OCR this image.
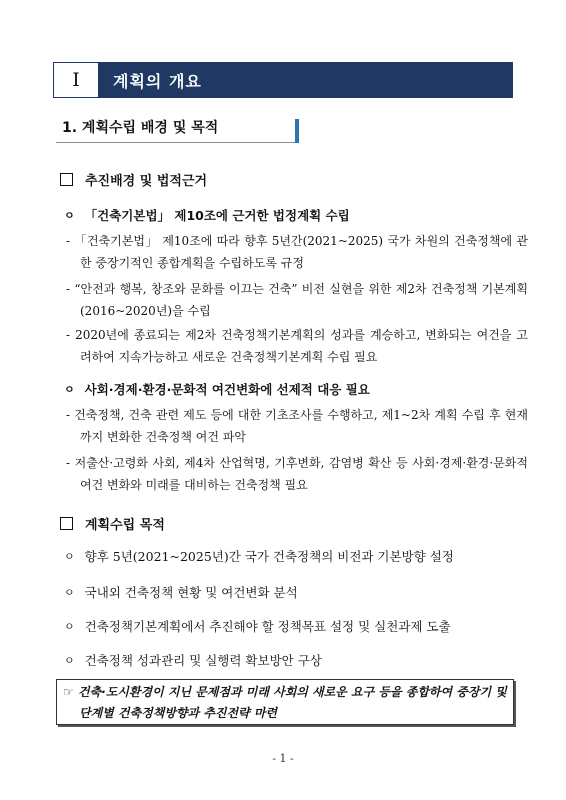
Ⅰ	계획의 개요
1. 계획수립 배경 및 목적
추진배경 및 법적근거
ㅇ 「건축기본법」 제10조에 근거한 법정계획 수립
- 「건축기본법」 제10조에 따라 향후 5년간(2021~2025) 국가 차원의 건축정책에 관한 중장기적인 종합계획을 수립하도록 규정
- “안전과 행복, 창조와 문화를 이끄는 건축” 비전 실현을 위한 제2차 건축정책 기본계획(2016~2020년)을 수립
- 2020년에 종료되는 제2차 건축정책기본계획의 성과를 계승하고, 변화되는 여건을 고려하여 지속가능하고 새로운 건축정책기본계획 수립 필요
ㅇ 사회·경제·환경·문화적 여건변화에 선제적 대응 필요
- 건축정책, 건축 관련 제도 등에 대한 기초조사를 수행하고, 제1~2차 계획 수립 후 현재까지 변화한 건축정책 여건 파악
- 저출산·고령화 사회, 제4차 산업혁명, 기후변화, 감염병 확산 등 사회·경제·환경·문화적 여건 변화와 미래를 대비하는 건축정책 필요
계획수립 목적
ㅇ 향후 5년(2021~2025년)간 국가 건축정책의 비전과 기본방향 설정
ㅇ 국내외 건축정책 현황 및 여건변화 분석
ㅇ 건축정책기본계획에서 추진해야 할 정책목표 설정 및 실천과제 도출
ㅇ 건축정책 성과관리 및 실행력 확보방안 구상
☞ 건축·도시환경이 지닌 문제점과 미래 사회의 새로운 요구 등을 종합하여 중장기 및 단계별 건축정책방향과 추진전략 마련
- 1 -
